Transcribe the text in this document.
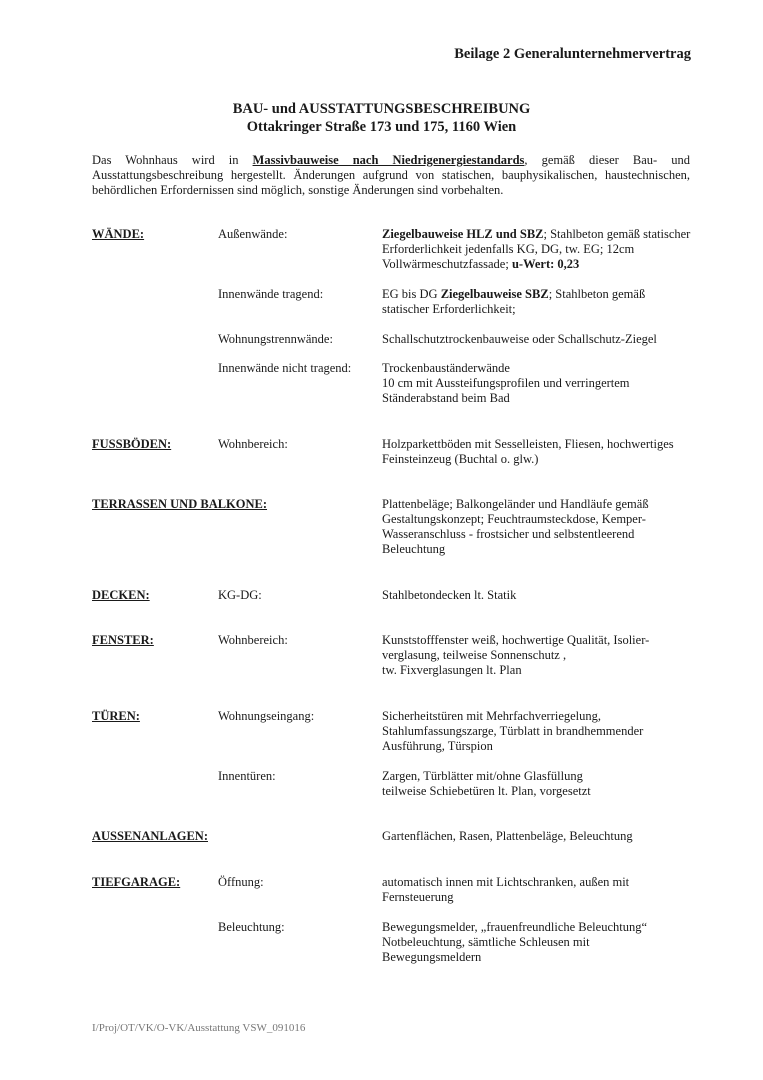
Beilage 2 Generalunternehmervertrag
BAU- und AUSSTATTUNGSBESCHREIBUNG
Ottakringer Straße 173 und 175, 1160 Wien
Das Wohnhaus wird in Massivbauweise nach Niedrigenergiestandards, gemäß dieser Bau- und Ausstattungsbeschreibung hergestellt. Änderungen aufgrund von statischen, bauphysikalischen, haustechnischen, behördlichen Erfordernissen sind möglich, sonstige Änderungen sind vorbehalten.
WÄNDE:	Außenwände:	Ziegelbauweise HLZ und SBZ; Stahlbeton gemäß statischer Erforderlichkeit jedenfalls KG, DG, tw. EG; 12cm Vollwärmeschutzfassade; u-Wert: 0,23
Innenwände tragend:	EG bis DG Ziegelbauweise SBZ; Stahlbeton gemäß statischer Erforderlichkeit;
Wohnungstrennwände:	Schallschutztrockenbauweise oder Schallschutz-Ziegel
Innenwände nicht tragend: Trockenbauständerwände
10 cm mit Aussteifungsprofilen und verringertem Ständerabstand beim Bad
FUSSBÖDEN:	Wohnbereich:	Holzparkettböden mit Sesselleisten, Fliesen, hochwertiges Feinsteinzeug (Buchtal o. glw.)
TERRASSEN UND BALKONE:	Plattenbeläge; Balkongeländer und Handläufe gemäß Gestaltungskonzept; Feuchtraumsteckdose, Kemper-Wasseranschluss - frostsicher und selbstentleerend Beleuchtung
DECKEN:	KG-DG:	Stahlbetondecken lt. Statik
FENSTER:	Wohnbereich:	Kunststofffenster weiß, hochwertige Qualität, Isolier-verglasung, teilweise Sonnenschutz ,
tw. Fixverglasungen lt. Plan
TÜREN:	Wohnungseingang:	Sicherheitstüren mit Mehrfachverriegelung, Stahlumfassungszarge, Türblatt in brandhemmender Ausführung, Türspion
Innentüren:	Zargen, Türblätter mit/ohne Glasfüllung
teilweise Schiebetüren lt. Plan, vorgesetzt
AUSSENANLAGEN:	Gartenflächen, Rasen, Plattenbeläge, Beleuchtung
TIEFGARAGE:	Öffnung:	automatisch innen mit Lichtschranken, außen mit Fernsteuerung
Beleuchtung:	Bewegungsmelder, „frauenfreundliche Beleuchtung“
Notbeleuchtung, sämtliche Schleusen mit Bewegungsmeldern
I/Proj/OT/VK/O-VK/Ausstattung VSW_091016
